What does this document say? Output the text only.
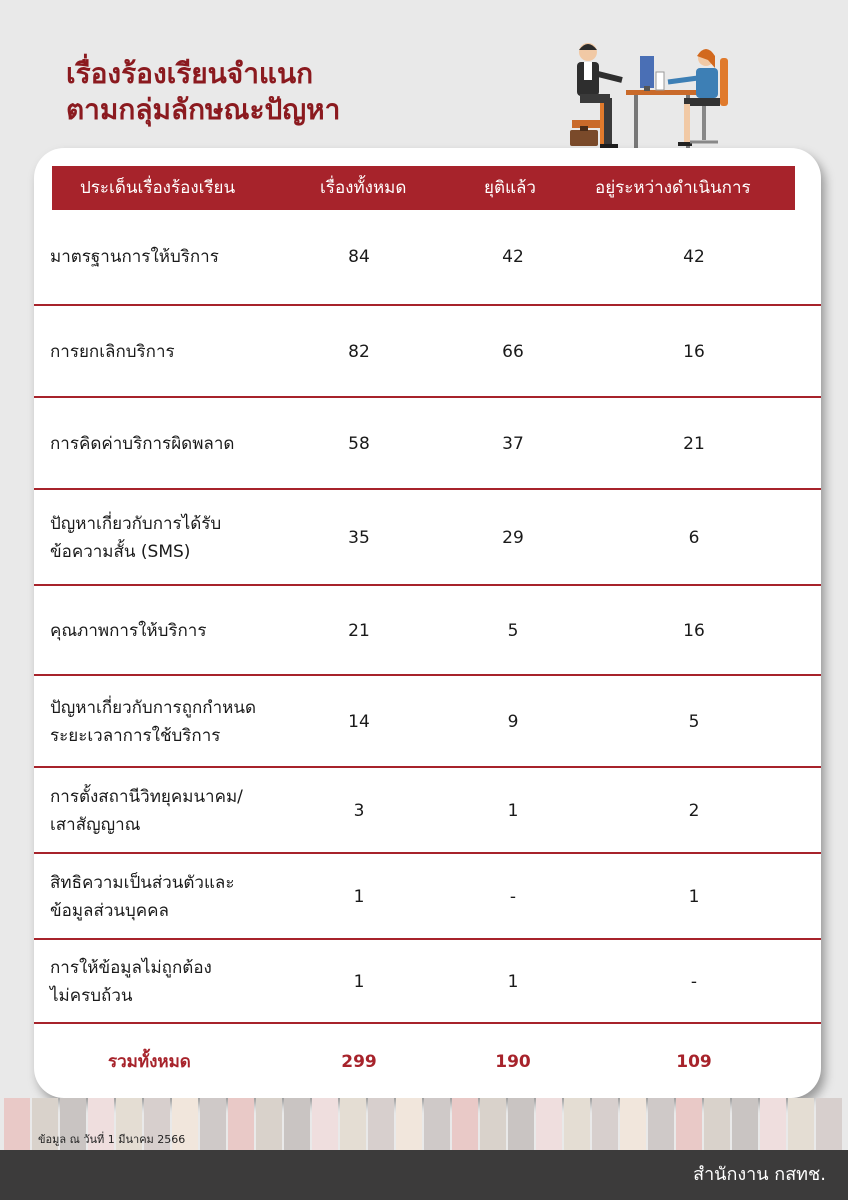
เรื่องร้องเรียนจำแนก
ตามกลุ่มลักษณะปัญหา
ประเด็นเรื่องร้องเรียน	เรื่องทั้งหมด	ยุติแล้ว	อยู่ระหว่างดำเนินการ
มาตรฐานการให้บริการ	84	42	42
การยกเลิกบริการ	82	66	16
การคิดค่าบริการผิดพลาด	58	37	21
ปัญหาเกี่ยวกับการได้รับ
ข้อความสั้น (SMS)
35	29	6
คุณภาพการให้บริการ	21	5	16
ปัญหาเกี่ยวกับการถูกกำหนด
ระยะเวลาการใช้บริการ
14	9	5
การตั้งสถานีวิทยุคมนาคม/
เสาสัญญาณ
3	1	2
สิทธิความเป็นส่วนตัวและ
ข้อมูลส่วนบุคคล
1	-	1
การให้ข้อมูลไม่ถูกต้อง
ไม่ครบถ้วน
1	1	-
รวมทั้งหมด	299	190	109
ข้อมูล ณ วันที่ 1 มีนาคม 2566
สำนักงาน กสทช.
